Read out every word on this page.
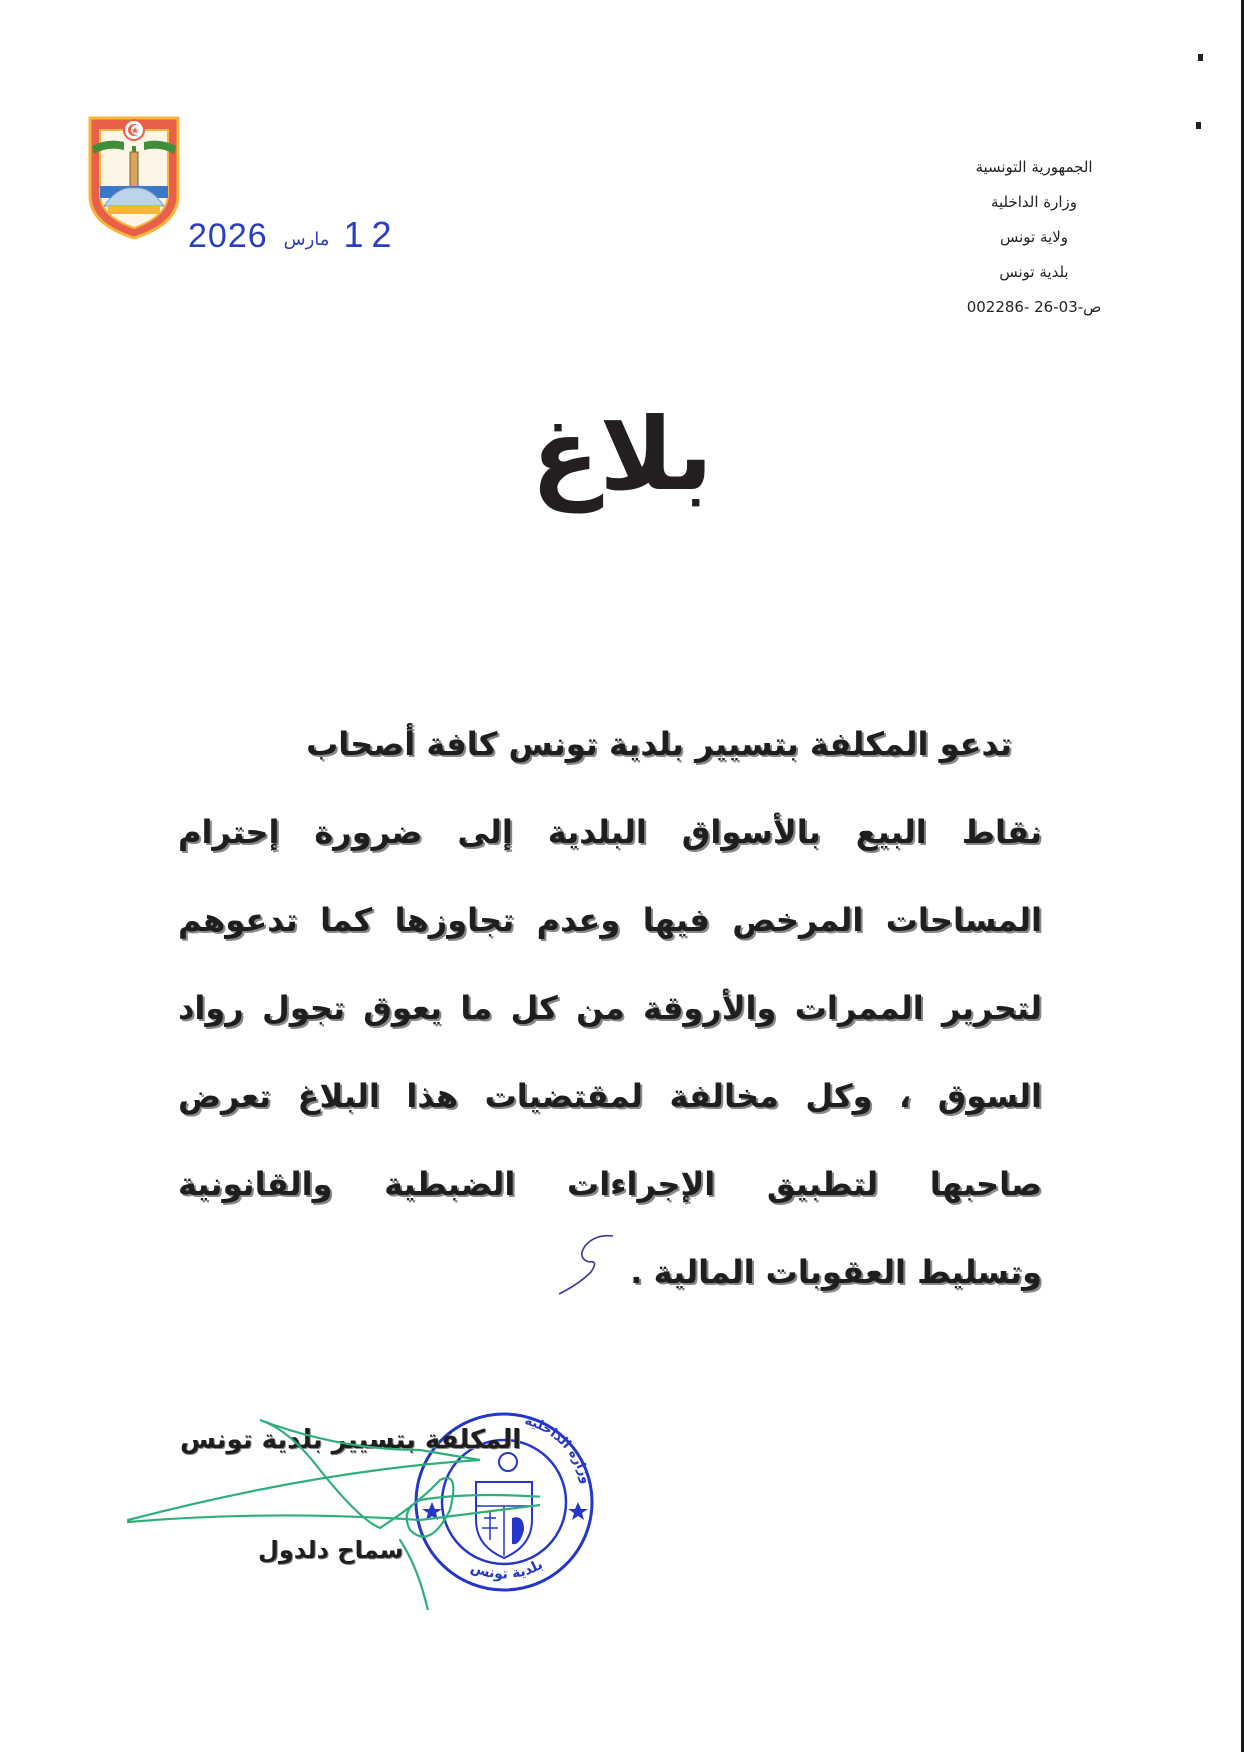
2026 مارس 12
الجمهورية التونسية
وزارة الداخلية
ولاية تونس
بلدية تونس
ص-03-26 -002286
بلاغ
تدعو المكلفة بتسيير بلدية تونس كافة أصحاب
نقاط البيع بالأسواق البلدية إلى ضرورة إحترام
المساحات المرخص فيها وعدم تجاوزها كما تدعوهم
لتحرير الممرات والأروقة من كل ما يعوق تجول رواد
السوق ، وكل مخالفة لمقتضيات هذا البلاغ تعرض
صاحبها لتطبيق الإجراءات الضبطية والقانونية
وتسليط العقوبات المالية .
وزارة الداخلية
بلدية تونس
المكلفة بتسيير بلدية تونس
سماح دلدول
